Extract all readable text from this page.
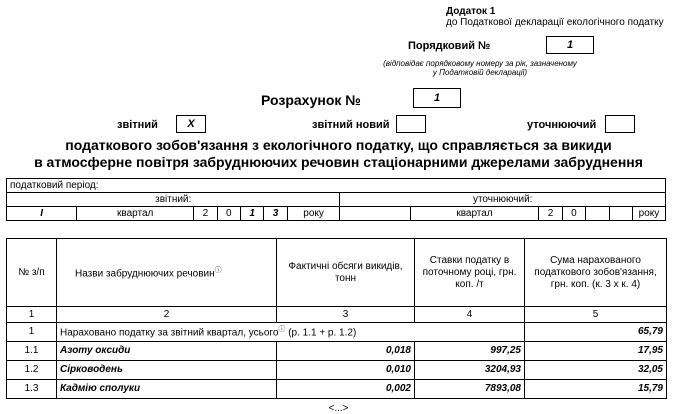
Додаток 1
до Податкової декларації екологічного податку
Порядковий №	1
(відповідає порядковому номеру за рік, зазначеному
у Податковій декларації)
Розрахунок №	1
звітний	X	звітний новий	уточнюючий
податкового зобов'язання з екологічного податку, що справляється за викиди
в атмосферне повітря забруднюючих речовин стаціонарними джерелами забруднення
податковий період:													
звітний:							уточнюючий:						
I	квартал	2	0	1	3	року		квартал	2	0			року
№ з/п	Назви забруднюючих речовинⓘ	Фактичні обсяги викидів, тонн	Ставки податку в поточному році, грн. коп. /т	Сума нарахованого податкового зобов'язання, грн. коп. (к. 3 х к. 4)
1	2	3	4	5
1	Нараховано податку за звітний квартал, усьогоⓘ (р. 1.1 + р. 1.2)			65,79
1.1	Азоту оксиди	0,018	997,25	17,95
1.2	Сірководень	0,010	3204,93	32,05
1.3	Кадмію сполуки	0,002	7893,08	15,79
<...>
